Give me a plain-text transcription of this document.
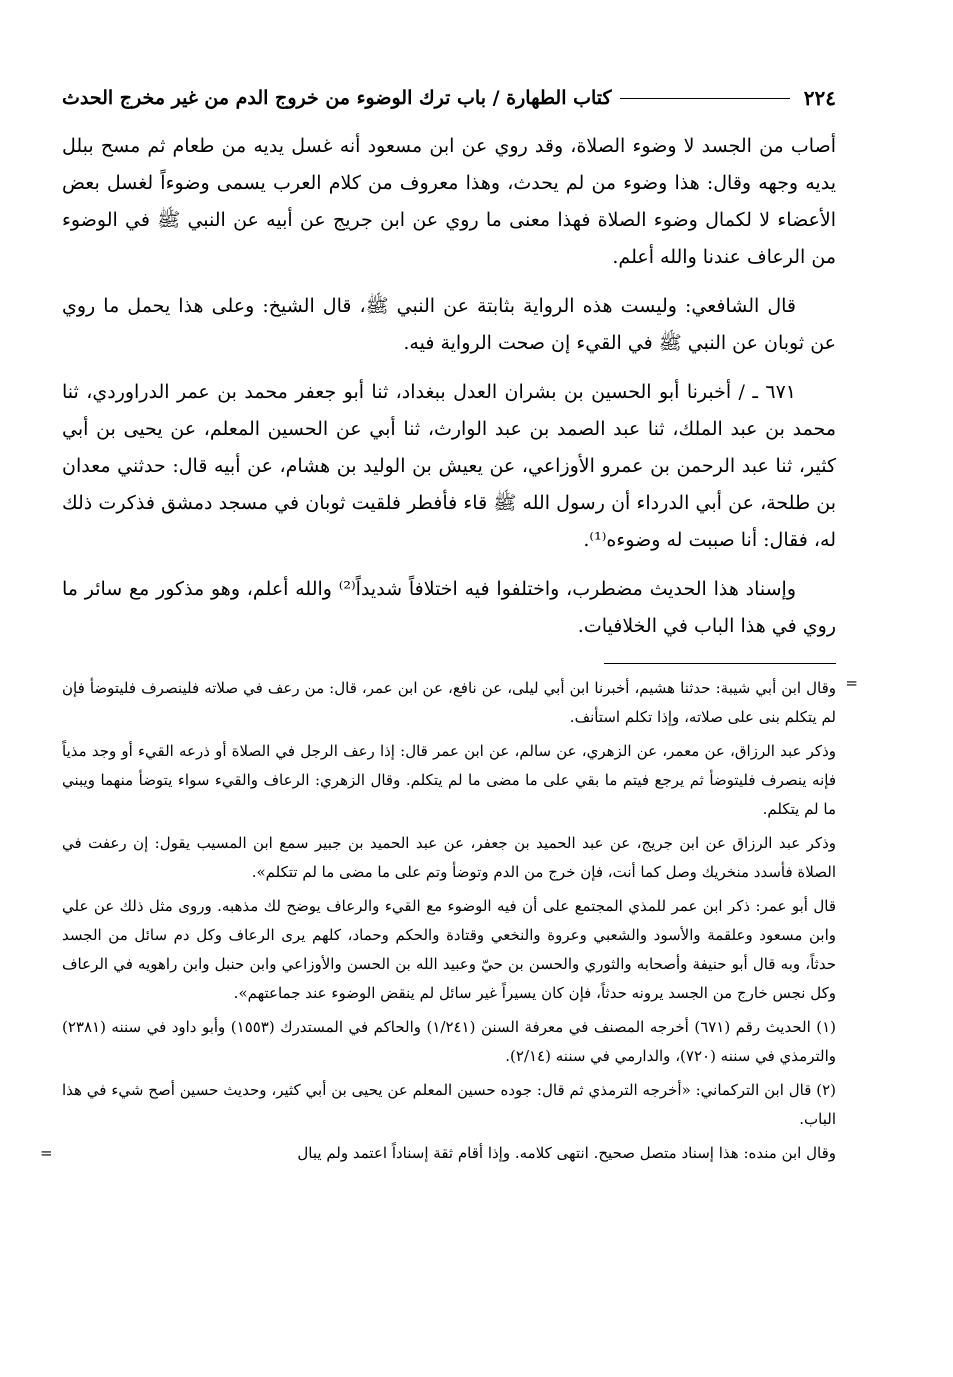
٢٢٤
كتاب الطهارة / باب ترك الوضوء من خروج الدم من غير مخرج الحدث

أصاب من الجسد لا وضوء الصلاة، وقد روي عن ابن مسعود أنه غسل يديه من طعام ثم مسح ببلل يديه وجهه وقال: هذا وضوء من لم يحدث، وهذا معروف من كلام العرب يسمى وضوءاً لغسل بعض الأعضاء لا لكمال وضوء الصلاة فهذا معنى ما روي عن ابن جريج عن أبيه عن النبي ﷺ في الوضوء من الرعاف عندنا والله أعلم.

قال الشافعي: وليست هذه الرواية بثابتة عن النبي ﷺ، قال الشيخ: وعلى هذا يحمل ما روي عن ثوبان عن النبي ﷺ في القيء إن صحت الرواية فيه.

٦٧١ ـ / أخبرنا أبو الحسين بن بشران العدل ببغداد، ثنا أبو جعفر محمد بن عمر الدراوردي، ثنا محمد بن عبد الملك، ثنا عبد الصمد بن عبد الوارث، ثنا أبي عن الحسين المعلم، عن يحيى بن أبي كثير، ثنا عبد الرحمن بن عمرو الأوزاعي، عن يعيش بن الوليد بن هشام، عن أبيه قال: حدثني معدان بن طلحة، عن أبي الدرداء أن رسول الله ﷺ قاء فأفطر فلقيت ثوبان في مسجد دمشق فذكرت ذلك له، فقال: أنا صببت له وضوءه⁽¹⁾.

وإسناد هذا الحديث مضطرب، واختلفوا فيه اختلافاً شديداً⁽²⁾ والله أعلم، وهو مذكور مع سائر ما روي في هذا الباب في الخلافيات.

=

وقال ابن أبي شيبة: حدثنا هشيم، أخبرنا ابن أبي ليلى، عن نافع، عن ابن عمر، قال: من رعف في صلاته فلينصرف فليتوضأ فإن لم يتكلم بنى على صلاته، وإذا تكلم استأنف.

وذكر عبد الرزاق، عن معمر، عن الزهري، عن سالم، عن ابن عمر قال: إذا رعف الرجل في الصلاة أو ذرعه القيء أو وجد مذياً فإنه ينصرف فليتوضأ ثم يرجع فيتم ما بقي على ما مضى ما لم يتكلم. وقال الزهري: الرعاف والقيء سواء يتوضأ منهما ويبني ما لم يتكلم.

وذكر عبد الرزاق عن ابن جريج، عن عبد الحميد بن جعفر، عن عبد الحميد بن جبير سمع ابن المسيب يقول: إن رعفت في الصلاة فأسدد منخريك وصل كما أنت، فإن خرج من الدم وتوضأ وتم على ما مضى ما لم تتكلم».

قال أبو عمر: ذكر ابن عمر للمذي المجتمع على أن فيه الوضوء مع القيء والرعاف يوضح لك مذهبه. وروى مثل ذلك عن علي وابن مسعود وعلقمة والأسود والشعبي وعروة والنخعي وقتادة والحكم وحماد، كلهم يرى الرعاف وكل دم سائل من الجسد حدثاً، وبه قال أبو حنيفة وأصحابه والثوري والحسن بن حيّ وعبيد الله بن الحسن والأوزاعي وابن حنبل وابن راهويه في الرعاف وكل نجس خارج من الجسد يرونه حدثاً، فإن كان يسيراً غير سائل لم ينقض الوضوء عند جماعتهم».

(١) الحديث رقم (٦٧١) أخرجه المصنف في معرفة السنن (١/٢٤١) والحاكم في المستدرك (١٥٥٣) وأبو داود في سننه (٢٣٨١) والترمذي في سننه (٧٢٠)، والدارمي في سننه (٢/١٤).

(٢) قال ابن التركماني: «أخرجه الترمذي ثم قال: جوده حسين المعلم عن يحيى بن أبي كثير، وحديث حسين أصح شيء في هذا الباب.

وقال ابن منده: هذا إسناد متصل صحيح. انتهى كلامه. وإذا أقام ثقة إسناداً اعتمد ولم يبال

=
